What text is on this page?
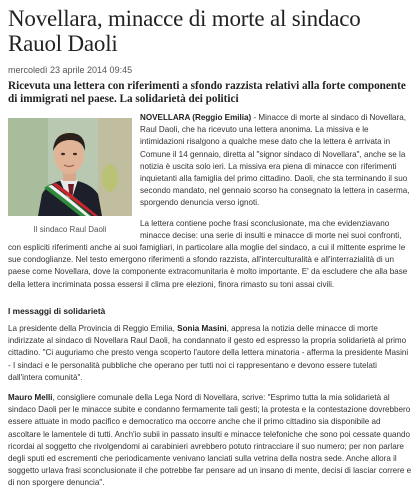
Novellara, minacce di morte al sindaco Rauol Daoli
mercoledì 23 aprile 2014 09:45
Ricevuta una lettera con riferimenti a sfondo razzista relativi alla forte componente di immigrati nel paese. La solidarietà dei politici
Il sindaco Raul Daoli
NOVELLARA (Reggio Emilia) - Minacce di morte al sindaco di Novellara, Raul Daoli, che ha ricevuto una lettera anonima. La missiva e le intimidazioni risalgono a qualche mese dato che la lettera è arrivata in Comune il 14 gennaio, diretta al "signor sindaco di Novellara", anche se la notizia è uscita solo ieri. La missiva era piena di minacce con riferimenti inquietanti alla famiglia del primo cittadino. Daoli, che sta terminando il suo secondo mandato, nel gennaio scorso ha consegnato la lettera in caserma, sporgendo denuncia verso ignoti.

La lettera contiene poche frasi sconclusionate, ma che evidenziavano minacce decise: una serie di insulti e minacce di morte nei suoi confronti, con espliciti riferimenti anche ai suoi famigliari, in particolare alla moglie del sindaco, a cui il mittente esprime le sue condoglianze. Nel testo emergono riferimenti a sfondo razzista, all'interculturalità e all'interrazialità di un paese come Novellara, dove la componente extracomunitaria è molto importante. E' da escludere che alla base della lettera incriminata possa essersi il clima pre elezioni, finora rimasto su toni assai civili.

I messaggi di solidarietà

La presidente della Provincia di Reggio Emilia, Sonia Masini, appresa la notizia delle minacce di morte indirizzate al sindaco di Novellara Raul Daoli, ha condannato il gesto ed espresso la propria solidarietà al primo cittadino. "Ci auguriamo che presto venga scoperto l'autore della lettera minatoria - afferma la presidente Masini - I sindaci e le personalità pubbliche che operano per tutti noi ci rappresentano e devono essere tutelati dall'intera comunità".

Mauro Melli, consigliere comunale della Lega Nord di Novellara, scrive: "Esprimo tutta la mia solidarietà al sindaco Daoli per le minacce subite e condanno fermamente tali gesti; la protesta e la contestazione dovrebbero essere attuate in modo pacifico e democratico ma occorre anche che il primo cittadino sia disponibile ad ascoltare le lamentele di tutti. Anch'io subii in passato insulti e minacce telefoniche che sono poi cessate quando ricordai al soggetto che rivolgendomi ai carabinieri avrebbero potuto rintracciare il suo numero; per non parlare degli sputi ed escrementi che periodicamente venivano lanciati sulla vetrina della nostra sede. Anche allora il soggetto urlava frasi sconclusionate il che potrebbe far pensare ad un insano di mente, decisi di lasciar correre e di non sporgere denuncia".
